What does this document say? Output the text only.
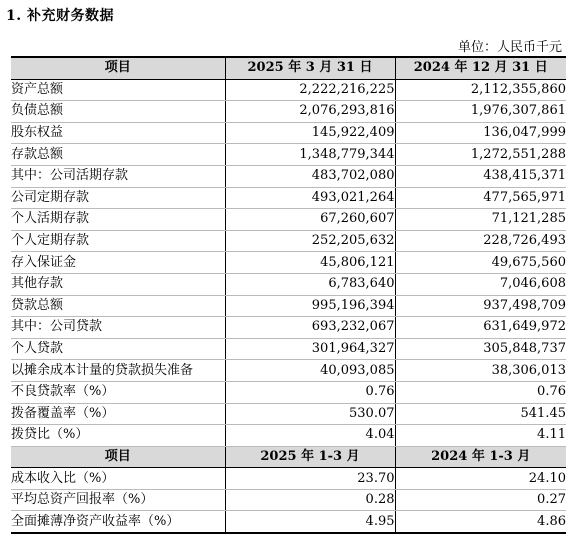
1. 补充财务数据
单位：人民币千元
项目	2025 年 3 月 31 日	2024 年 12 月 31 日
资产总额	2,222,216,225	2,112,355,860
负债总额	2,076,293,816	1,976,307,861
股东权益	145,922,409	136,047,999
存款总额	1,348,779,344	1,272,551,288
其中：公司活期存款	483,702,080	438,415,371
公司定期存款	493,021,264	477,565,971
个人活期存款	67,260,607	71,121,285
个人定期存款	252,205,632	228,726,493
存入保证金	45,806,121	49,675,560
其他存款	6,783,640	7,046,608
贷款总额	995,196,394	937,498,709
其中：公司贷款	693,232,067	631,649,972
个人贷款	301,964,327	305,848,737
以摊余成本计量的贷款损失准备	40,093,085	38,306,013
不良贷款率（%）	0.76	0.76
拨备覆盖率（%）	530.07	541.45
拨贷比（%）	4.04	4.11
项目	2025 年 1-3 月	2024 年 1-3 月
成本收入比（%）	23.70	24.10
平均总资产回报率（%）	0.28	0.27
全面摊薄净资产收益率（%）	4.95	4.86
